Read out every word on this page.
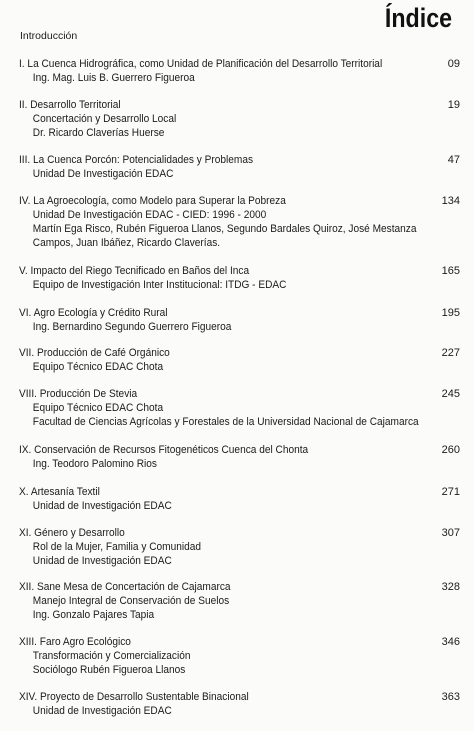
Índice
Introducción
I. La Cuenca Hidrográfica, como Unidad de Planificación del Desarrollo Territorial
Ing. Mag. Luis B. Guerrero Figueroa
09
II. Desarrollo Territorial
Concertación y Desarrollo Local
Dr. Ricardo Claverías Huerse
19
III. La Cuenca Porcón: Potencialidades y Problemas
Unidad De Investigación EDAC
47
IV. La Agroecología, como Modelo para Superar la Pobreza
Unidad De Investigación EDAC - CIED: 1996 - 2000
Martín Ega Risco, Rubén Figueroa Llanos, Segundo Bardales Quiroz, José Mestanza
Campos, Juan Ibáñez, Ricardo Claverías.
134
V. Impacto del Riego Tecnificado en Baños del Inca
Equipo de Investigación Inter Institucional: ITDG - EDAC
165
VI. Agro Ecología y Crédito Rural
Ing. Bernardino Segundo Guerrero Figueroa
195
VII. Producción de Café Orgánico
Equipo Técnico EDAC Chota
227
VIII. Producción De Stevia
Equipo Técnico EDAC Chota
Facultad de Ciencias Agrícolas y Forestales de la Universidad Nacional de Cajamarca
245
IX. Conservación de Recursos Fitogenéticos Cuenca del Chonta
Ing. Teodoro Palomino Rios
260
X. Artesanía Textil
Unidad de Investigación EDAC
271
XI. Género y Desarrollo
Rol de la Mujer, Familia y Comunidad
Unidad de Investigación EDAC
307
XII. Sane Mesa de Concertación de Cajamarca
Manejo Integral de Conservación de Suelos
Ing. Gonzalo Pajares Tapia
328
XIII. Faro Agro Ecológico
Transformación y Comercialización
Sociólogo Rubén Figueroa Llanos
346
XIV. Proyecto de Desarrollo Sustentable Binacional
Unidad de Investigación EDAC
363
